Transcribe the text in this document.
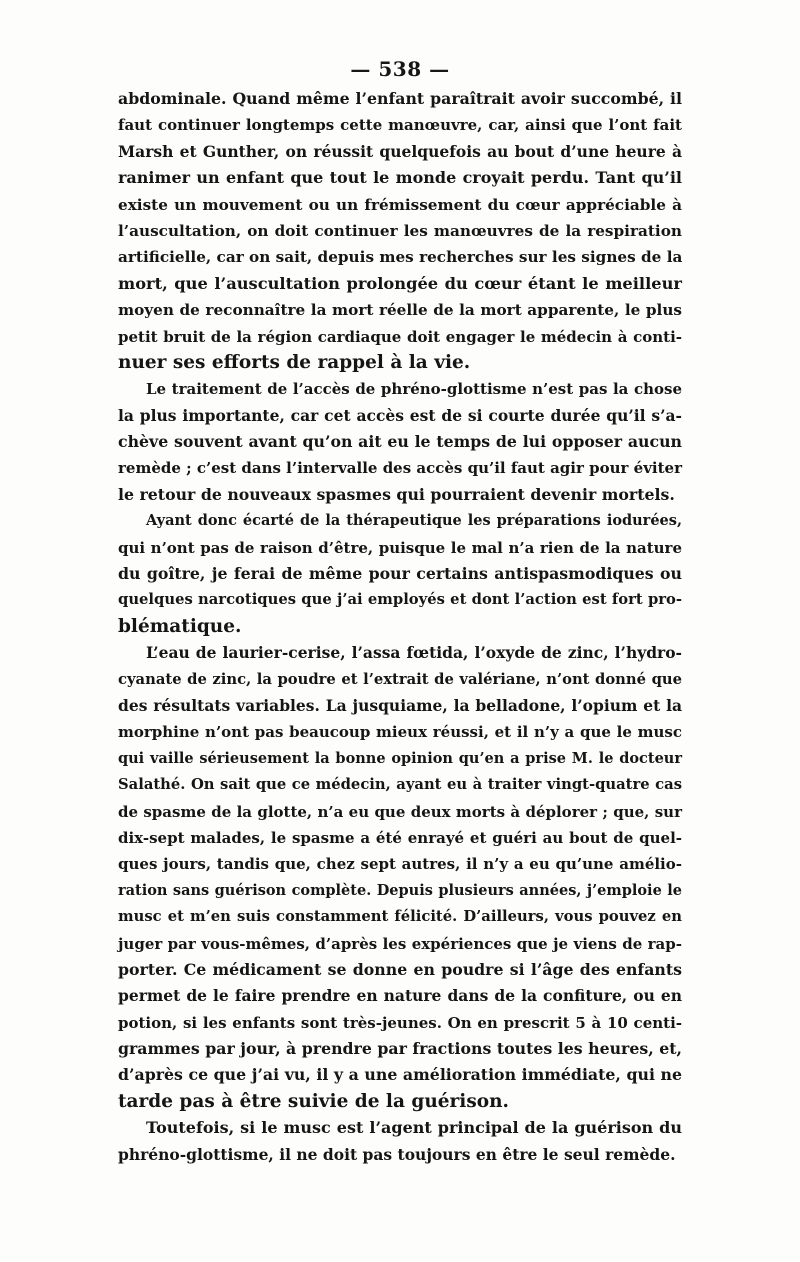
— 538 —
abdominale. Quand même l’enfant paraîtrait avoir succombé, il
faut continuer longtemps cette manœuvre, car, ainsi que l’ont fait
Marsh et Gunther, on réussit quelquefois au bout d’une heure à
ranimer un enfant que tout le monde croyait perdu. Tant qu’il
existe un mouvement ou un frémissement du cœur appréciable à
l’auscultation, on doit continuer les manœuvres de la respiration
artificielle, car on sait, depuis mes recherches sur les signes de la
mort, que l’auscultation prolongée du cœur étant le meilleur
moyen de reconnaître la mort réelle de la mort apparente, le plus
petit bruit de la région cardiaque doit engager le médecin à conti-
nuer ses efforts de rappel à la vie.
Le traitement de l’accès de phréno-glottisme n’est pas la chose
la plus importante, car cet accès est de si courte durée qu’il s’a-
chève souvent avant qu’on ait eu le temps de lui opposer aucun
remède ; c’est dans l’intervalle des accès qu’il faut agir pour éviter
le retour de nouveaux spasmes qui pourraient devenir mortels.
Ayant donc écarté de la thérapeutique les préparations iodurées,
qui n’ont pas de raison d’être, puisque le mal n’a rien de la nature
du goître, je ferai de même pour certains antispasmodiques ou
quelques narcotiques que j’ai employés et dont l’action est fort pro-
blématique.
L’eau de laurier-cerise, l’assa fœtida, l’oxyde de zinc, l’hydro-
cyanate de zinc, la poudre et l’extrait de valériane, n’ont donné que
des résultats variables. La jusquiame, la belladone, l’opium et la
morphine n’ont pas beaucoup mieux réussi, et il n’y a que le musc
qui vaille sérieusement la bonne opinion qu’en a prise M. le docteur
Salathé. On sait que ce médecin, ayant eu à traiter vingt-quatre cas
de spasme de la glotte, n’a eu que deux morts à déplorer ; que, sur
dix-sept malades, le spasme a été enrayé et guéri au bout de quel-
ques jours, tandis que, chez sept autres, il n’y a eu qu’une amélio-
ration sans guérison complète. Depuis plusieurs années, j’emploie le
musc et m’en suis constamment félicité. D’ailleurs, vous pouvez en
juger par vous-mêmes, d’après les expériences que je viens de rap-
porter. Ce médicament se donne en poudre si l’âge des enfants
permet de le faire prendre en nature dans de la confiture, ou en
potion, si les enfants sont très-jeunes. On en prescrit 5 à 10 centi-
grammes par jour, à prendre par fractions toutes les heures, et,
d’après ce que j’ai vu, il y a une amélioration immédiate, qui ne
tarde pas à être suivie de la guérison.
Toutefois, si le musc est l’agent principal de la guérison du
phréno-glottisme, il ne doit pas toujours en être le seul remède.
